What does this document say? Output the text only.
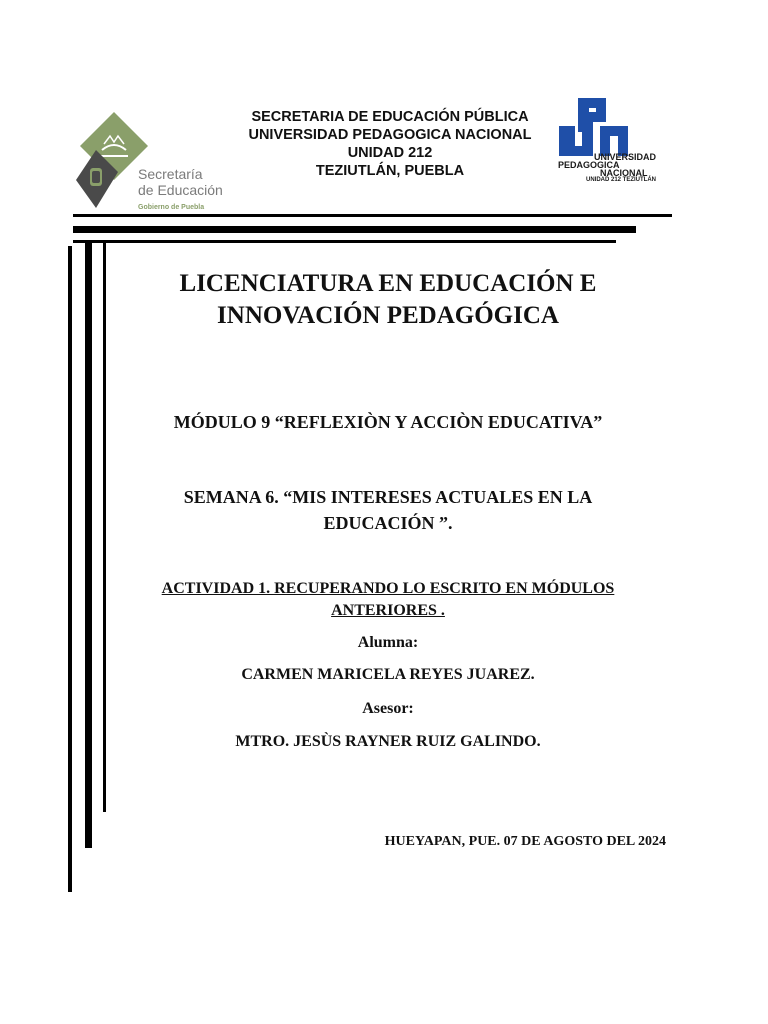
Secretaría
de Educación
Gobierno de Puebla
SECRETARIA DE EDUCACIÓN PÚBLICA
UNIVERSIDAD PEDAGOGICA NACIONAL
UNIDAD 212
TEZIUTLÁN, PUEBLA
UNIVERSIDAD
PEDAGOGICA
NACIONAL
UNIDAD 212 TEZIUTLÁN
LICENCIATURA EN EDUCACIÓN E
INNOVACIÓN PEDAGÓGICA
MÓDULO 9 “REFLEXIÒN Y ACCIÒN EDUCATIVA”
SEMANA 6. “MIS INTERESES ACTUALES EN LA
EDUCACIÓN ”.
ACTIVIDAD 1. RECUPERANDO LO ESCRITO EN MÓDULOS
ANTERIORES .
Alumna:
CARMEN MARICELA REYES JUAREZ.
Asesor:
MTRO. JESÙS RAYNER RUIZ GALINDO.
HUEYAPAN, PUE. 07 DE AGOSTO DEL 2024
